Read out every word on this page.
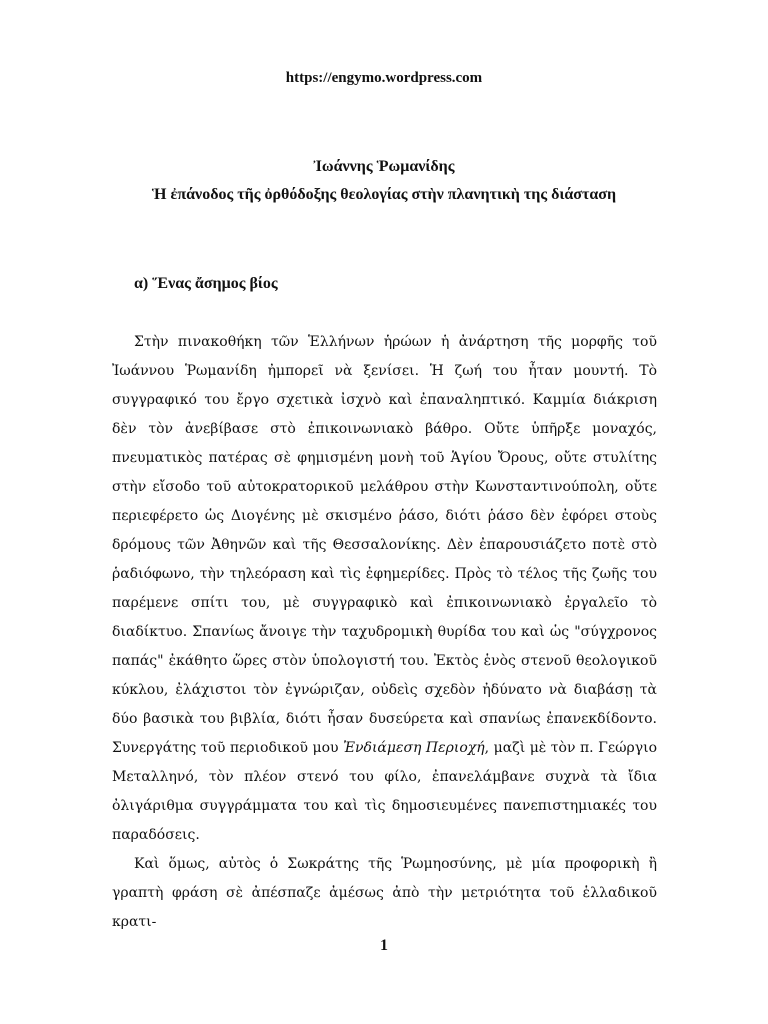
https://engymo.wordpress.com
Ἰωάννης Ῥωμανίδης
Ἡ ἐπάνοδος τῆς ὀρθόδοξης θεολογίας στὴν πλανητικὴ της διάσταση
α) Ἕνας ἄσημος βίος

Στὴν πινακοθήκη τῶν Ἑλλήνων ἡρώων ἡ ἀνάρτηση τῆς μορφῆς τοῦ Ἰωάννου Ῥωμανίδη ἠμπορεῖ νὰ ξενίσει. Ἡ ζωή του ἦταν μουντή. Τὸ συγγραφικό του ἔργο σχετικὰ ἰσχνὸ καὶ ἐπαναληπτικό. Καμμία διάκριση δὲν τὸν ἀνεβίβασε στὸ ἐπικοινωνιακὸ βάθρο. Οὔτε ὑπῆρξε μοναχός, πνευματικὸς πατέρας σὲ φημισμένη μονὴ τοῦ Ἁγίου Ὄρους, οὔτε στυλίτης στὴν εἴσοδο τοῦ αὐτοκρατορικοῦ μελάθρου στὴν Κωνσταντινούπολη, οὔτε περιεφέρετο ὡς Διογένης μὲ σκισμένο ῥάσο, διότι ῥάσο δὲν ἐφόρει στοὺς δρόμους τῶν Ἀθηνῶν καὶ τῆς Θεσσαλονίκης. Δὲν ἐπαρουσιάζετο ποτὲ στὸ ῥαδιόφωνο, τὴν τηλεόραση καὶ τὶς ἐφημερίδες. Πρὸς τὸ τέλος τῆς ζωῆς του παρέμενε σπίτι του, μὲ συγγραφικὸ καὶ ἐπικοινωνιακὸ ἐργαλεῖο τὸ διαδίκτυο. Σπανίως ἄνοιγε τὴν ταχυδρομικὴ θυρίδα του καὶ ὡς "σύγχρονος παπάς" ἐκάθητο ὥρες στὸν ὑπολογιστή του. Ἐκτὸς ἑνὸς στενοῦ θεολογικοῦ κύκλου, ἐλάχιστοι τὸν ἐγνώριζαν, οὐδεὶς σχεδὸν ἠδύνατο νὰ διαβάσῃ τὰ δύο βασικὰ του βιβλία, διότι ἦσαν δυσεύρετα καὶ σπανίως ἐπανεκδίδοντο. Συνεργάτης τοῦ περιοδικοῦ μου Ἐνδιάμεση Περιοχή, μαζὶ μὲ τὸν π. Γεώργιο Μεταλληνό, τὸν πλέον στενό του φίλο, ἐπανελάμβανε συχνὰ τὰ ἴδια ὀλιγάριθμα συγγράμματα του καὶ τὶς δημοσιευμένες πανεπιστημιακές του παραδόσεις.

Καὶ ὅμως, αὐτὸς ὁ Σωκράτης τῆς Ῥωμηοσύνης, μὲ μία προφορικὴ ἢ γραπτὴ φράση σὲ ἀπέσπαζε ἀμέσως ἀπὸ τὴν μετριότητα τοῦ ἑλλαδικοῦ κρατι-

1
